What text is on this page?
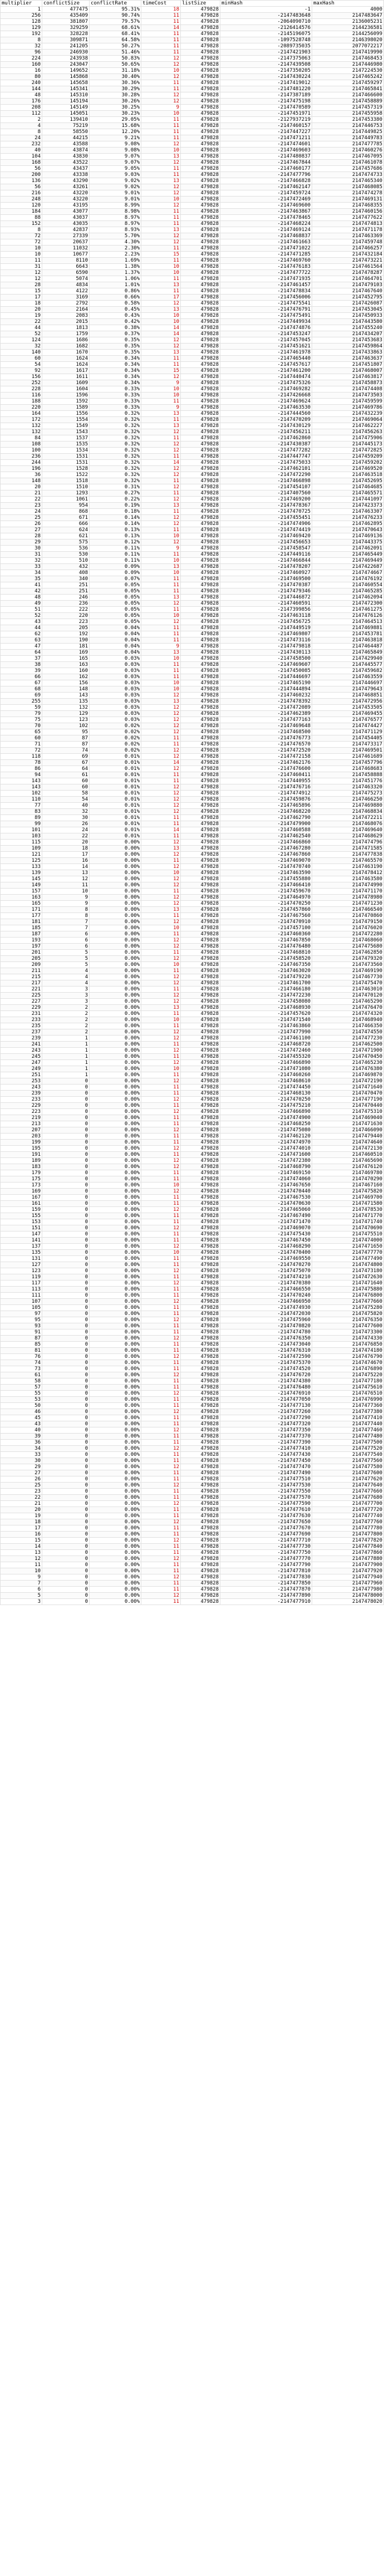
multiplier	conflictSize	conflictRate	timeCost	listSize	minHash	maxHash
1	477475	95.31%	18	479828	-1	4000
256	435409	90.74%	11	479828	-2147483648	2147483647
128	381807	79.57%	11	479828	-2064090710	2136005231
129	329259	68.61%	14	479828	-2126414576	2144236581
192	328228	68.41%	11	479828	-2145196075	2144256099
8	309871	64.58%	11	479828	-1097528748	2146398020
32	241205	50.27%	11	479828	-2089735035	2077072217
96	246930	51.46%	11	479828	-2147421903	2147419990
224	243938	50.83%	12	479828	-2147375063	2147468453
160	243047	50.65%	12	479828	-2147439508	2147446980
16	149652	31.18%	10	479828	-2147350205	2147224530
80	145868	30.40%	12	479828	-2147430224	2147465242
240	145658	30.36%	11	479828	-2147419012	2147459297
144	145341	30.29%	11	479828	-2147481220	2147465841
48	145310	30.28%	12	479828	-2147387189	2147466600
176	145194	30.26%	12	479828	-2147475198	2147458889
208	145149	30.25%	9	479828	-2147470589	2147457319
112	145051	30.23%	10	479828	-2147451971	2147455958
2	139410	29.05%	11	479828	-2127937219	2147453380
4	75219	15.68%	11	479828	-2147460157	2147446753
8	58550	12.20%	11	479828	-2147447227	2147449825
24	44215	9.21%	11	479828	-2147471211	2147449783
232	43588	9.08%	12	479828	-2147474601	2147477785
40	43874	9.08%	10	479828	-2147469603	2147460276
104	43830	9.07%	13	479828	-2147480837	2147467095
168	43522	9.07%	12	479828	-2147467844	2147461078
56	43437	9.05%	11	479828	-2147460177	2147457686
200	43338	9.03%	11	479828	-2147477796	2147474733
136	43290	9.02%	13	479828	-2147466828	2147465340
56	43261	9.02%	12	479828	-2147462147	2147468085
216	43220	9.01%	12	479828	-2147459724	2147474278
248	43220	9.01%	10	479828	-2147472469	2147469131
120	43195	8.99%	12	479828	-2147469600	2147468355
184	43077	8.98%	11	479828	-2147463867	2147460156
88	43037	8.97%	11	479828	-2147478465	2147477622
152	43035	8.97%	11	479828	-2147468224	2147474813
8	42837	8.93%	13	479828	-2147469124	2147471178
72	27339	5.70%	12	479828	-2147468837	2147463369
72	20637	4.30%	12	479828	-2147461663	2147459748
10	11032	2.30%	11	479828	-2147471022	2147466257
10	10677	2.23%	15	479828	-2147471285	2147432184
11	8110	1.69%	11	479828	-2147469760	2147473221
31	6643	1.38%	10	479828	-2147476183	2147461564
12	6590	1.37%	10	479828	-2147477722	2147478287
12	5074	1.06%	11	479828	-2147471935	2147464701
28	4834	1.01%	13	479828	-2147461457	2147479103
15	4122	0.86%	11	479828	-2147478834	2147467640
17	3169	0.66%	17	479828	-2147456006	2147452795
18	2792	0.58%	12	479828	-2147475541	2147426087
20	2164	0.45%	13	479828	-2147476791	2147453045
19	2083	0.43%	10	479828	-2147475491	2147450933
22	2015	0.42%	10	479828	-2147449934	2147443580
44	1813	0.38%	14	479828	-2147474876	2147455240
52	1759	0.37%	14	479828	-2147453247	2147434207
124	1686	0.35%	12	479828	-2147457045	2147453683
32	1682	0.35%	12	479828	-2147451621	2147459864
140	1670	0.35%	13	479828	-2147461978	2147433863
60	1624	0.34%	11	479828	-2147465440	2147463637
54	1624	0.34%	11	479828	-2147457617	2147451807
92	1617	0.34%	15	479828	-2147461200	2147468007
156	1611	0.34%	12	479828	-2147440474	2147463817
252	1609	0.34%	9	479828	-2147475326	2147458873
228	1604	0.33%	10	479828	-2147469282	2147474408
116	1596	0.33%	10	479828	-2147426668	2147473503
188	1592	0.33%	11	479828	-2147469624	2147459599
220	1589	0.33%	9	479828	-2147463530	2147469786
164	1556	0.32%	13	479828	-2147444560	2147432239
172	1554	0.32%	11	479828	-2147470209	2147469064
132	1549	0.32%	13	479828	-2147430129	2147462227
132	1543	0.32%	12	479828	-2147456211	2147456263
84	1537	0.32%	11	479828	-2147462860	2147475906
108	1535	0.32%	12	479828	-2147430387	2147445173
100	1534	0.32%	12	479828	-2147477282	2147472825
236	1531	0.32%	11	479828	-2147447747	2147459209
244	1531	0.32%	14	479828	-2147475033	2147459202
196	1528	0.32%	12	479828	-2147462101	2147469520
36	1522	0.32%	12	479828	-2147472290	2147463518
148	1518	0.32%	11	479828	-2147466898	2147452695
20	1510	0.31%	12	479828	-2147454107	2147464685
21	1293	0.27%	11	479828	-2147407560	2147465571
22	1061	0.22%	12	479828	-2147469200	2147441097
23	954	0.19%	13	479828	-2147478367	2147423373
24	868	0.18%	11	479828	-2147470725	2147463307
25	671	0.14%	12	479828	-2147455451	2147476233
26	666	0.14%	12	479828	-2147474906	2147462895
27	624	0.13%	11	479828	-2147474419	2147470643
28	621	0.13%	10	479828	-2147469420	2147469136
29	575	0.12%	12	479828	-2147456653	2147443375
30	536	0.11%	9	479828	-2147458547	2147462091
31	530	0.11%	11	479828	-2147449116	2147465449
32	510	0.11%	10	479828	-2147466844	2147469449
33	432	0.09%	13	479828	-2147478207	2147422687
34	408	0.09%	10	479828	-2147460927	2147474667
35	340	0.07%	11	479828	-2147469500	2147476192
41	251	0.05%	11	479828	-2147470387	2147460554
42	251	0.05%	11	479828	-2147479346	2147465285
48	246	0.05%	13	479828	-2147446872	2147462094
49	236	0.05%	12	479828	-2147460591	2147472300
51	222	0.05%	11	479828	-2147399856	2147461275
52	220	0.05%	10	479828	-2147463118	2147476126
43	223	0.05%	12	479828	-2147456725	2147464513
44	205	0.04%	11	479828	-2147449519	2147469881
62	192	0.04%	11	479828	-2147469807	2147453781
63	190	0.04%	11	479828	-2147473116	2147463818
47	181	0.04%	9	479828	-2147479818	2147464487
64	169	0.04%	13	479828	-2147430113	2147465849
37	165	0.03%	10	479828	-2147458500	2147429940
38	163	0.03%	11	479828	-2147469607	2147445577
39	160	0.03%	11	479828	-2147450085	2147459682
66	162	0.03%	11	479828	-2147446697	2147463559
67	156	0.03%	10	479828	-2147465190	2147446697
68	148	0.03%	10	479828	-2147444894	2147479643
69	143	0.03%	12	479828	-2147460232	2147468851
255	135	0.03%	13	479828	-2147478392	2147472956
59	132	0.03%	12	479828	-2147472089	2147453505
79	129	0.03%	12	479828	-2147462389	2147469455
75	123	0.03%	12	479828	-2147477163	2147476577
70	102	0.02%	12	479828	-2147469648	2147474427
65	95	0.02%	12	479828	-2147468500	2147471129
60	87	0.02%	11	479828	-2147476773	2147454405
71	87	0.02%	11	479828	-2147476570	2147473317
72	74	0.02%	12	479828	-2147472520	2147469501
118	69	0.01%	12	479828	-2147472158	2147461689
78	67	0.01%	14	479828	-2147462176	2147457796
86	64	0.01%	12	479828	-2147476600	2147468683
94	61	0.01%	11	479828	-2147460411	2147458888
143	60	0.01%	11	479828	-2147440955	2147451776
143	60	0.01%	12	479828	-2147476716	2147463320
102	58	0.01%	12	479828	-2147474912	2147475273
110	54	0.01%	12	479828	-2147459876	2147466250
77	40	0.01%	12	479828	-2147465896	2147469880
83	32	0.01%	12	479828	-2147468220	2147468834
89	30	0.01%	11	479828	-2147462790	2147472211
99	26	0.01%	11	479828	-2147479900	2147468076
101	24	0.01%	14	479828	-2147460588	2147469640
103	22	0.01%	11	479828	-2147462540	2147468629
115	20	0.00%	12	479828	-2147466860	2147474796
109	18	0.00%	13	479828	-2147467280	2147471585
121	17	0.00%	12	479828	-2147467860	2147477838
125	16	0.00%	11	479828	-2147469070	2147465570
133	14	0.00%	12	479828	-2147470740	2147463190
139	13	0.00%	10	479828	-2147463590	2147478412
145	12	0.00%	12	479828	-2147455880	2147463580
149	11	0.00%	12	479828	-2147466410	2147474990
157	10	0.00%	11	479828	-2147459670	2147471170
163	9	0.00%	12	479828	-2147464970	2147478980
165	9	0.00%	12	479828	-2147470250	2147471230
171	8	0.00%	13	479828	-2147457860	2147466540
177	8	0.00%	11	479828	-2147467560	2147470860
181	7	0.00%	12	479828	-2147470910	2147479150
185	7	0.00%	10	479828	-2147457100	2147476020
187	6	0.00%	11	479828	-2147460360	2147472280
193	6	0.00%	12	479828	-2147467850	2147468060
197	6	0.00%	12	479828	-2147476480	2147475680
201	5	0.00%	11	479828	-2147468810	2147462850
205	5	0.00%	12	479828	-2147458520	2147479320
209	5	0.00%	10	479828	-2147467350	2147473560
211	4	0.00%	11	479828	-2147463020	2147469190
215	4	0.00%	12	479828	-2147479220	2147467730
217	4	0.00%	12	479828	-2147461700	2147475470
221	3	0.00%	11	479828	-2147466180	2147463010
225	3	0.00%	12	479828	-2147472230	2147470120
227	3	0.00%	12	479828	-2147458080	2147465290
229	2	0.00%	13	479828	-2147468930	2147476470
231	2	0.00%	11	479828	-2147457620	2147474320
233	2	0.00%	10	479828	-2147471540	2147468940
235	2	0.00%	11	479828	-2147463860	2147466350
237	2	0.00%	12	479828	-2147477990	2147474550
239	1	0.00%	12	479828	-2147461100	2147477230
241	1	0.00%	11	479828	-2147468720	2147462500
243	1	0.00%	12	479828	-2147472460	2147471900
245	1	0.00%	11	479828	-2147455320	2147470450
247	1	0.00%	12	479828	-2147466890	2147465230
249	1	0.00%	10	479828	-2147471080	2147476380
251	1	0.00%	11	479828	-2147460260	2147469870
253	0	0.00%	12	479828	-2147468610	2147472190
243	0	0.00%	11	479828	-2147474450	2147471640
239	0	0.00%	11	479828	-2147468130	2147470470
233	0	0.00%	12	479828	-2147470250	2147477190
229	0	0.00%	11	479828	-2147475210	2147470440
223	0	0.00%	12	479828	-2147466890	2147475310
219	0	0.00%	11	479828	-2147474900	2147469040
213	0	0.00%	11	479828	-2147468250	2147471630
207	0	0.00%	12	479828	-2147475080	2147466090
203	0	0.00%	11	479828	-2147462120	2147479440
199	0	0.00%	11	479828	-2147474970	2147474640
195	0	0.00%	12	479828	-2147474010	2147472130
191	0	0.00%	11	479828	-2147471600	2147460510
189	0	0.00%	12	479828	-2147472380	2147465690
183	0	0.00%	12	479828	-2147468790	2147476120
179	0	0.00%	11	479828	-2147469150	2147469780
175	0	0.00%	11	479828	-2147474060	2147470290
173	0	0.00%	10	479828	-2147467650	2147467160
169	0	0.00%	12	479828	-2147470440	2147475820
167	0	0.00%	11	479828	-2147467530	2147469700
161	0	0.00%	11	479828	-2147470630	2147471580
159	0	0.00%	12	479828	-2147465060	2147478530
155	0	0.00%	11	479828	-2147467490	2147471770
153	0	0.00%	11	479828	-2147471470	2147471740
151	0	0.00%	12	479828	-2147469070	2147470690
147	0	0.00%	11	479828	-2147475430	2147475510
141	0	0.00%	11	479828	-2147467450	2147474000
137	0	0.00%	12	479828	-2147468290	2147471650
135	0	0.00%	10	479828	-2147470400	2147477770
131	0	0.00%	11	479828	-2147469550	2147477490
127	0	0.00%	11	479828	-2147470270	2147474800
123	0	0.00%	12	479828	-2147475070	2147473180
119	0	0.00%	11	479828	-2147474210	2147472630
117	0	0.00%	12	479828	-2147470380	2147471640
113	0	0.00%	11	479828	-2147466550	2147475880
111	0	0.00%	11	479828	-2147470240	2147476800
107	0	0.00%	12	479828	-2147466950	2147477660
105	0	0.00%	11	479828	-2147474930	2147475280
97	0	0.00%	11	479828	-2147472030	2147475820
95	0	0.00%	12	479828	-2147475960	2147476350
93	0	0.00%	11	479828	-2147470820	2147477600
91	0	0.00%	11	479828	-2147474780	2147473300
87	0	0.00%	12	479828	-2147476350	2147474330
85	0	0.00%	11	479828	-2147473040	2147476850
81	0	0.00%	11	479828	-2147476310	2147474180
76	0	0.00%	12	479828	-2147472590	2147476790
74	0	0.00%	11	479828	-2147475370	2147474670
73	0	0.00%	11	479828	-2147474520	2147476890
61	0	0.00%	12	479828	-2147476720	2147475220
58	0	0.00%	11	479828	-2147474380	2147477180
57	0	0.00%	11	479828	-2147476480	2147475610
55	0	0.00%	12	479828	-2147476910	2147476510
53	0	0.00%	11	479828	-2147477050	2147476990
50	0	0.00%	11	479828	-2147477130	2147477360
46	0	0.00%	12	479828	-2147477260	2147477380
45	0	0.00%	11	479828	-2147477290	2147477410
43	0	0.00%	11	479828	-2147477320	2147477440
40	0	0.00%	12	479828	-2147477350	2147477460
39	0	0.00%	11	479828	-2147477370	2147477480
36	0	0.00%	11	479828	-2147477390	2147477500
34	0	0.00%	12	479828	-2147477410	2147477520
33	0	0.00%	11	479828	-2147477430	2147477540
30	0	0.00%	11	479828	-2147477450	2147477560
29	0	0.00%	12	479828	-2147477470	2147477580
27	0	0.00%	11	479828	-2147477490	2147477600
26	0	0.00%	11	479828	-2147477510	2147477620
25	0	0.00%	12	479828	-2147477530	2147477640
23	0	0.00%	11	479828	-2147477550	2147477660
22	0	0.00%	11	479828	-2147477570	2147477680
21	0	0.00%	12	479828	-2147477590	2147477700
20	0	0.00%	11	479828	-2147477610	2147477720
19	0	0.00%	11	479828	-2147477630	2147477740
18	0	0.00%	12	479828	-2147477650	2147477760
17	0	0.00%	11	479828	-2147477670	2147477780
16	0	0.00%	11	479828	-2147477690	2147477800
15	0	0.00%	12	479828	-2147477710	2147477820
14	0	0.00%	11	479828	-2147477730	2147477840
13	0	0.00%	11	479828	-2147477750	2147477860
12	0	0.00%	12	479828	-2147477770	2147477880
11	0	0.00%	11	479828	-2147477790	2147477900
10	0	0.00%	11	479828	-2147477810	2147477920
9	0	0.00%	12	479828	-2147477830	2147477940
7	0	0.00%	11	479828	-2147477850	2147477960
6	0	0.00%	11	479828	-2147477870	2147477980
5	0	0.00%	12	479828	-2147477890	2147478000
3	0	0.00%	11	479828	-2147477910	2147478020
